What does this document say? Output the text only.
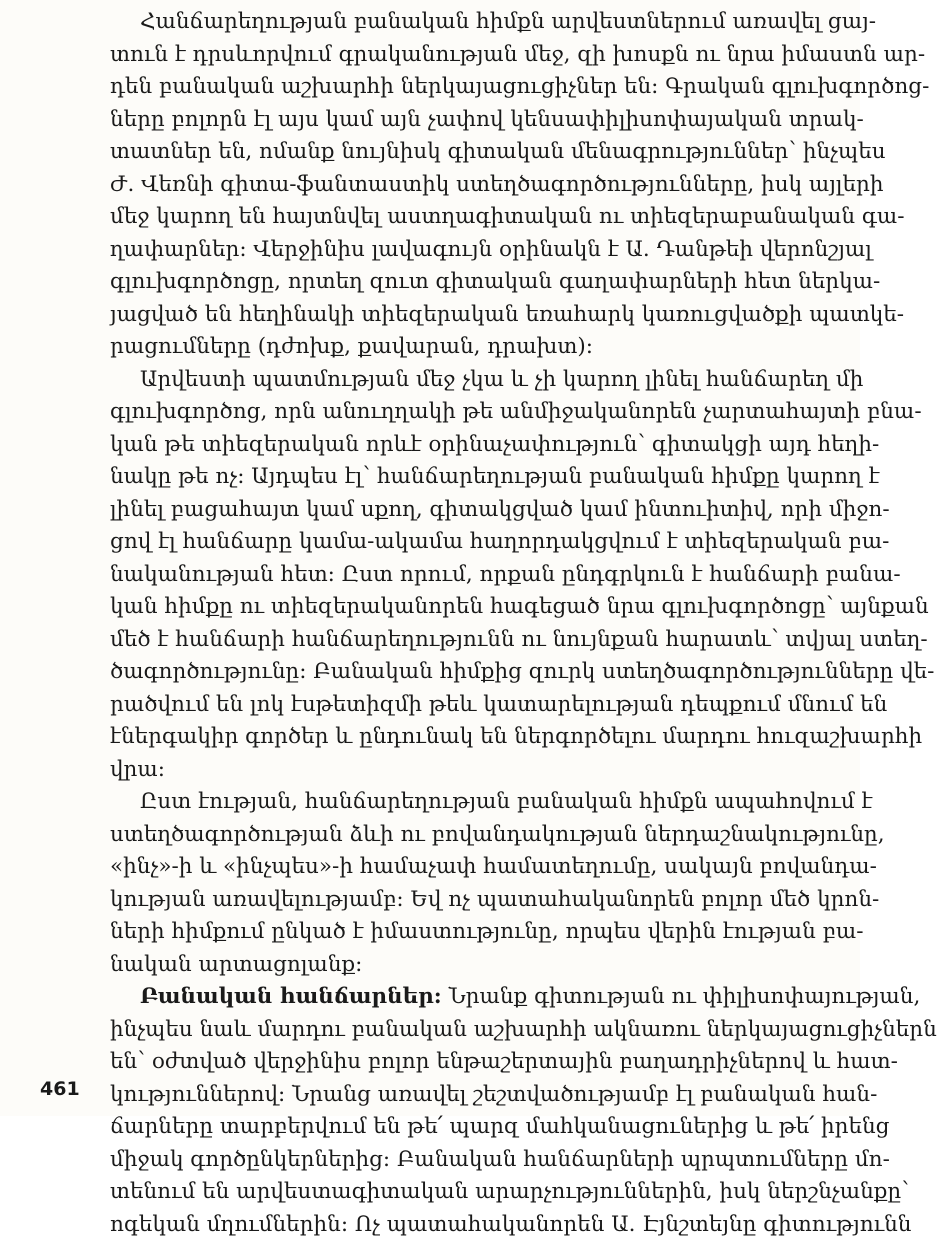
Հանճարեղության բանական հիմքն արվեստներում առավել ցայ-
տուն է դրսևորվում գրականության մեջ, զի խոսքն ու նրա իմաստն ար-
դեն բանական աշխարհի ներկայացուցիչներ են: Գրական գլուխգործոց-
ները բոլորն էլ այս կամ այն չափով կենսափիլիսոփայական տրակ-
տատներ են, ոմանք նույնիսկ գիտական մենագրություններ՝ ինչպես
Ժ. Վեռնի գիտա-ֆանտաստիկ ստեղծագործությունները, իսկ այլերի
մեջ կարող են հայտնվել աստղագիտական ու տիեզերաբանական գա-
ղափարներ: Վերջինիս լավագույն օրինակն է Ա. Դանթեի վերոնշյալ
գլուխգործոցը, որտեղ զուտ գիտական գաղափարների հետ ներկա-
յացված են հեղինակի տիեզերական եռահարկ կառուցվածքի պատկե-
րացումները (դժոխք, քավարան, դրախտ):
Արվեստի պատմության մեջ չկա և չի կարող լինել հանճարեղ մի
գլուխգործոց, որն անուղղակի թե անմիջականորեն չարտահայտի բնա-
կան թե տիեզերական որևէ օրինաչափություն՝ գիտակցի այդ հեղի-
նակը թե ոչ: Այդպես էլ՝ հանճարեղության բանական հիմքը կարող է
լինել բացահայտ կամ սքող, գիտակցված կամ ինտուիտիվ, որի միջո-
ցով էլ հանճարը կամա-ակամա հաղորդակցվում է տիեզերական բա-
նականության հետ: Ըստ որում, որքան ընդգրկուն է հանճարի բանա-
կան հիմքը ու տիեզերականորեն հագեցած նրա գլուխգործոցը՝ այնքան
մեծ է հանճարի հանճարեղությունն ու նույնքան հարատև՝ տվյալ ստեղ-
ծագործությունը: Բանական հիմքից զուրկ ստեղծագործությունները վե-
րածվում են լոկ էսթետիզմի թեև կատարելության դեպքում մնում են
էներգակիր գործեր և ընդունակ են ներգործելու մարդու հուզաշխարհի
վրա:
Ըստ էության, հանճարեղության բանական հիմքն ապահովում է
ստեղծագործության ձևի ու բովանդակության ներդաշնակությունը,
«ինչ»-ի և «ինչպես»-ի համաչափ համատեղումը, սակայն բովանդա-
կության առավելությամբ: Եվ ոչ պատահականորեն բոլոր մեծ կրոն-
ների հիմքում ընկած է իմաստությունը, որպես վերին էության բա-
նական արտացոլանք:
Բանական հանճարներ: Նրանք գիտության ու փիլիսոփայության,
ինչպես նաև մարդու բանական աշխարհի ակնառու ներկայացուցիչներն
են՝ օժտված վերջինիս բոլոր ենթաշերտային բաղադրիչներով և հատ-
կություններով: Նրանց առավել շեշտվածությամբ էլ բանական հան-
ճարները տարբերվում են թե՛ պարզ մահկանացուներից և թե՛ իրենց
միջակ գործընկերներից: Բանական հանճարների պրպտումները մո-
տենում են արվեստագիտական արարչություններին, իսկ ներշնչանքը՝
ոգեկան մղումներին: Ոչ պատահականորեն Ա. Էյնշտեյնը գիտությունն
461
